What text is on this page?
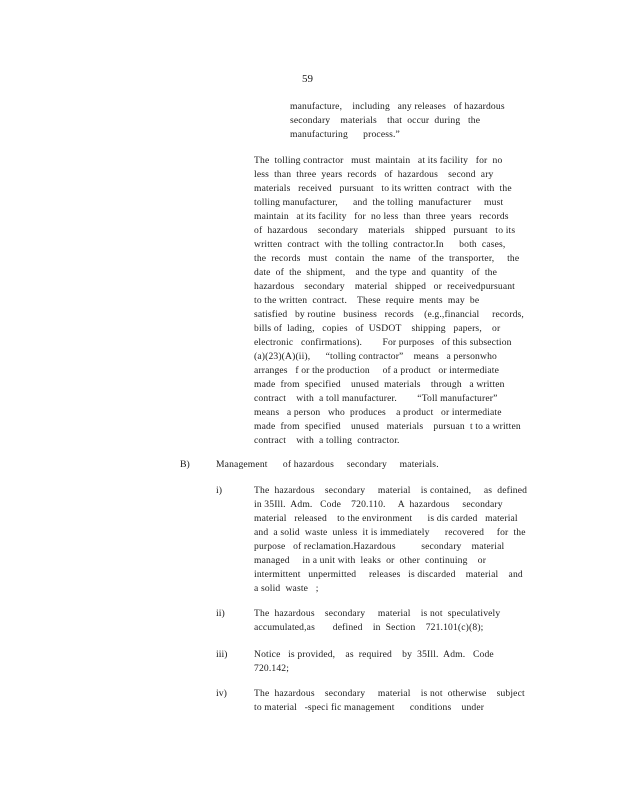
59
manufacture,    including   any releases   of hazardous
secondary    materials    that  occur  during   the
manufacturing      process.”
The  tolling contractor   must  maintain   at its facility   for  no
less  than  three  years  records   of  hazardous    second  ary
materials   received   pursuant   to its written  contract   with  the
tolling manufacturer,      and  the tolling  manufacturer     must
maintain   at its facility   for  no less  than  three  years   records
of  hazardous    secondary    materials    shipped   pursuant   to its
written  contract  with  the tolling  contractor.In      both  cases,
the  records   must   contain   the  name   of  the  transporter,     the
date  of  the  shipment,    and  the type  and  quantity   of  the
hazardous    secondary    material   shipped   or  receivedpursuant
to the written  contract.    These  require  ments  may  be
satisfied   by routine   business   records    (e.g.,financial     records,
bills of  lading,   copies   of  USDOT    shipping   papers,    or
electronic   confirmations).        For purposes   of this subsection
(a)(23)(A)(ii),      “tolling contractor”    means   a personwho
arranges   f or the production     of a product   or intermediate
made  from  specified    unused  materials    through   a written
contract    with  a toll manufacturer.        “Toll manufacturer”
means   a person   who  produces    a product   or intermediate
made  from  specified    unused   materials    pursuan  t to a written
contract    with  a tolling  contractor.
B)	Management      of hazardous     secondary     materials.
i)	The  hazardous    secondary     material    is contained,     as  defined
in 35Ill.  Adm.   Code    720.110.     A  hazardous     secondary
material   released    to the environment      is dis carded   material
and  a solid  waste  unless  it is immediately      recovered     for  the
purpose   of reclamation.Hazardous          secondary    material
managed     in a unit with  leaks  or  other  continuing    or
intermittent   unpermitted     releases   is discarded    material    and
a solid  waste   ;
ii)	The  hazardous    secondary     material    is not  speculatively
accumulated,as       defined    in  Section    721.101(c)(8);
iii)	Notice   is provided,    as  required    by  35Ill.  Adm.   Code
720.142;
iv)	The  hazardous    secondary     material    is not  otherwise    subject
to material   -speci fic management      conditions    under
